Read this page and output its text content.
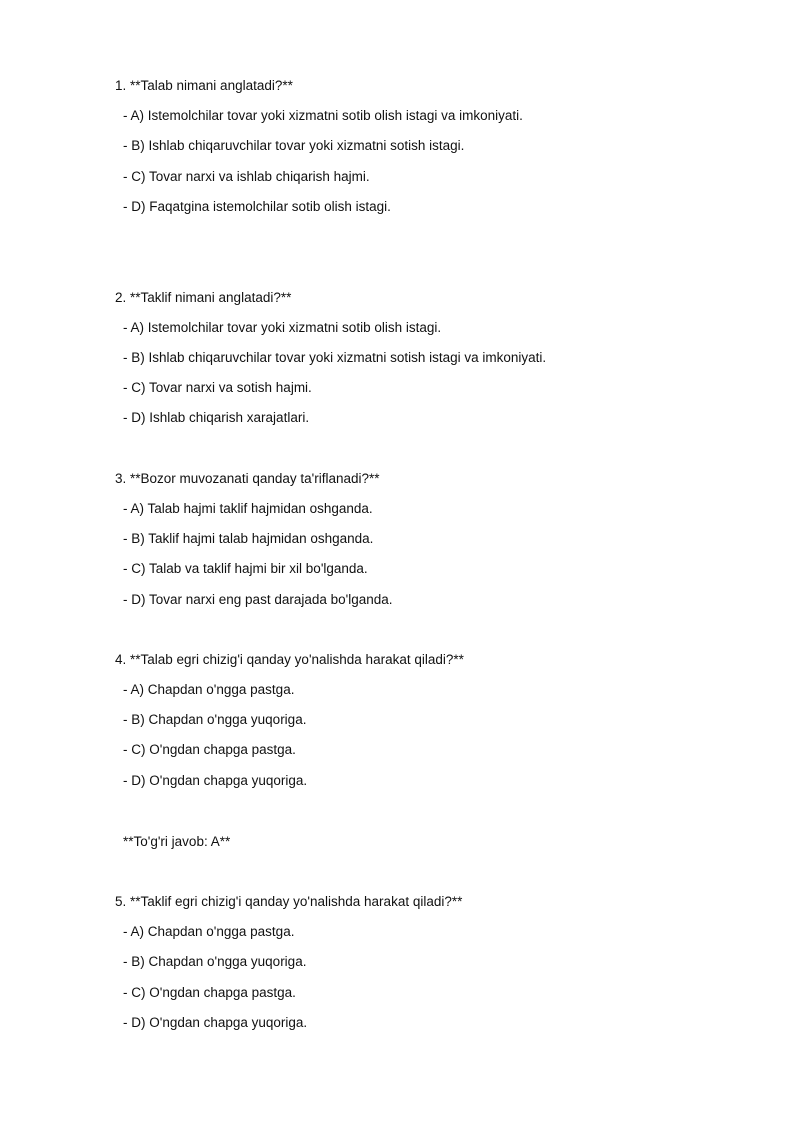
1. **Talab nimani anglatadi?**
- A) Istemolchilar tovar yoki xizmatni sotib olish istagi va imkoniyati.
- B) Ishlab chiqaruvchilar tovar yoki xizmatni sotish istagi.
- C) Tovar narxi va ishlab chiqarish hajmi.
- D) Faqatgina istemolchilar sotib olish istagi.
2. **Taklif nimani anglatadi?**
- A) Istemolchilar tovar yoki xizmatni sotib olish istagi.
- B) Ishlab chiqaruvchilar tovar yoki xizmatni sotish istagi va imkoniyati.
- C) Tovar narxi va sotish hajmi.
- D) Ishlab chiqarish xarajatlari.
3. **Bozor muvozanati qanday ta'riflanadi?**
- A) Talab hajmi taklif hajmidan oshganda.
- B) Taklif hajmi talab hajmidan oshganda.
- C) Talab va taklif hajmi bir xil bo'lganda.
- D) Tovar narxi eng past darajada bo'lganda.
4. **Talab egri chizig'i qanday yo'nalishda harakat qiladi?**
- A) Chapdan o'ngga pastga.
- B) Chapdan o'ngga yuqoriga.
- C) O'ngdan chapga pastga.
- D) O'ngdan chapga yuqoriga.
**To'g'ri javob: A**
5. **Taklif egri chizig'i qanday yo'nalishda harakat qiladi?**
- A) Chapdan o'ngga pastga.
- B) Chapdan o'ngga yuqoriga.
- C) O'ngdan chapga pastga.
- D) O'ngdan chapga yuqoriga.
